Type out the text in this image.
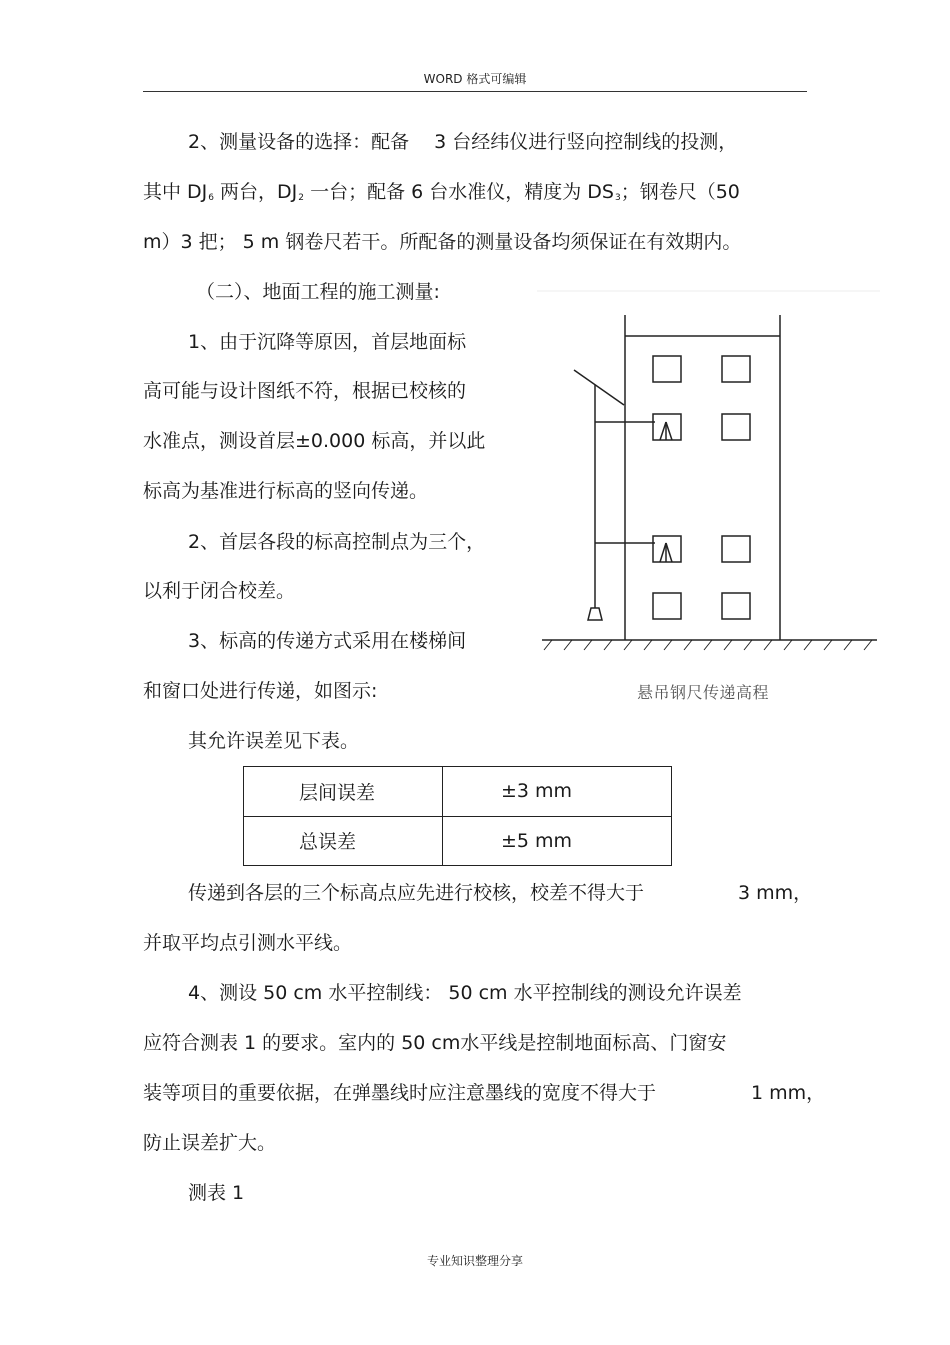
WORD 格式可编辑
2、测量设备的选择：配备　 3 台经纬仪进行竖向控制线的投测，
其中 $DJ_6$ 两台，$DJ_2$ 一台；配备 6 台水准仪，精度为 $DS_3$；钢卷尺（50
m）3 把； 5 m 钢卷尺若干。所配备的测量设备均须保证在有效期内。
（二）、地面工程的施工测量:
1、由于沉降等原因，首层地面标
高可能与设计图纸不符，根据已校核的
水准点，测设首层±0.000 标高，并以此
标高为基准进行标高的竖向传递。
2、首层各段的标高控制点为三个，
以利于闭合校差。
3、标高的传递方式采用在楼梯间
和窗口处进行传递，如图示:
其允许误差见下表。
层间误差	±3 mm
总误差	±5 mm
传递到各层的三个标高点应先进行校核，校差不得大于	3 mm，
并取平均点引测水平线。
4、测设 50 cm 水平控制线： 50 cm 水平控制线的测设允许误差
应符合测表 1 的要求。室内的 50 cm水平线是控制地面标高、门窗安
装等项目的重要依据，在弹墨线时应注意墨线的宽度不得大于	1 mm，
防止误差扩大。
测表 1
悬吊钢尺传递高程
专业知识整理分享
